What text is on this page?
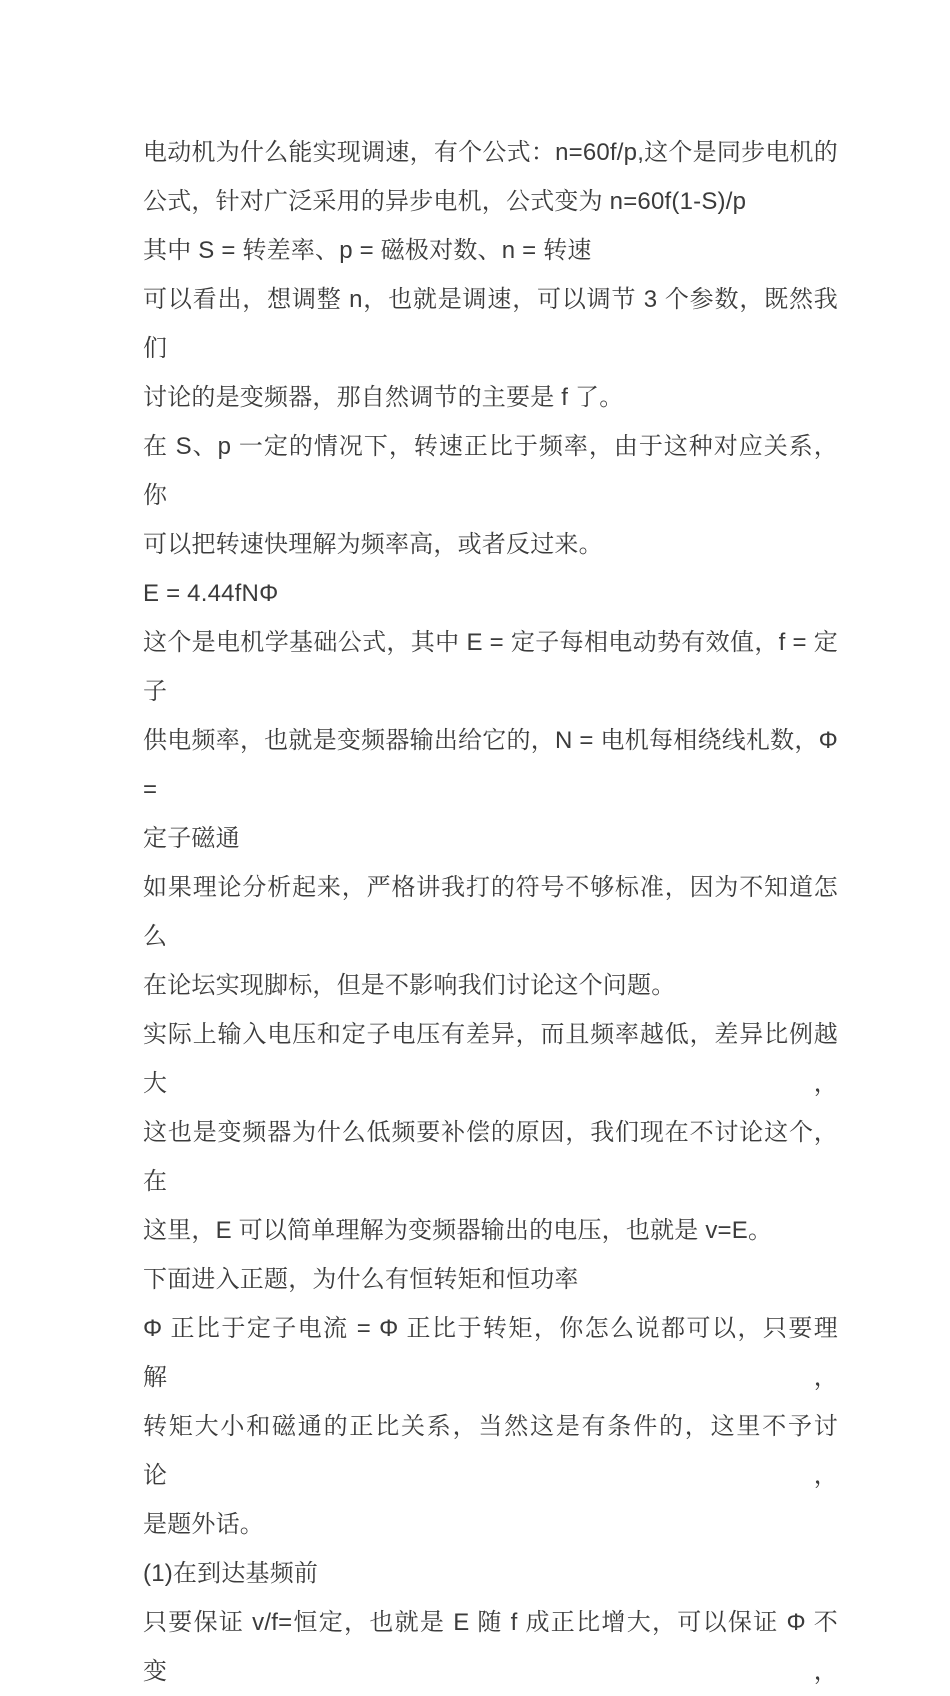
电动机为什么能实现调速，有个公式：n=60f/p,这个是同步电机的
公式，针对广泛采用的异步电机，公式变为 n=60f(1-S)/p
其中 S = 转差率、p = 磁极对数、n = 转速
可以看出，想调整 n，也就是调速，可以调节 3 个参数，既然我们
讨论的是变频器，那自然调节的主要是 f 了。
在 S、p 一定的情况下，转速正比于频率，由于这种对应关系，你
可以把转速快理解为频率高，或者反过来。
E = 4.44fNΦ
这个是电机学基础公式，其中 E = 定子每相电动势有效值，f = 定子
供电频率，也就是变频器输出给它的，N = 电机每相绕线札数，Φ =
定子磁通
如果理论分析起来，严格讲我打的符号不够标准，因为不知道怎么
在论坛实现脚标，但是不影响我们讨论这个问题。
实际上输入电压和定子电压有差异，而且频率越低，差异比例越大，
这也是变频器为什么低频要补偿的原因，我们现在不讨论这个，在
这里，E 可以简单理解为变频器输出的电压，也就是 v=E。
下面进入正题，为什么有恒转矩和恒功率
Φ 正比于定子电流 = Φ 正比于转矩，你怎么说都可以，只要理解，
转矩大小和磁通的正比关系，当然这是有条件的，这里不予讨论，
是题外话。
(1)在到达基频前
只要保证 v/f=恒定，也就是 E 随 f 成正比增大，可以保证 Φ 不变，
